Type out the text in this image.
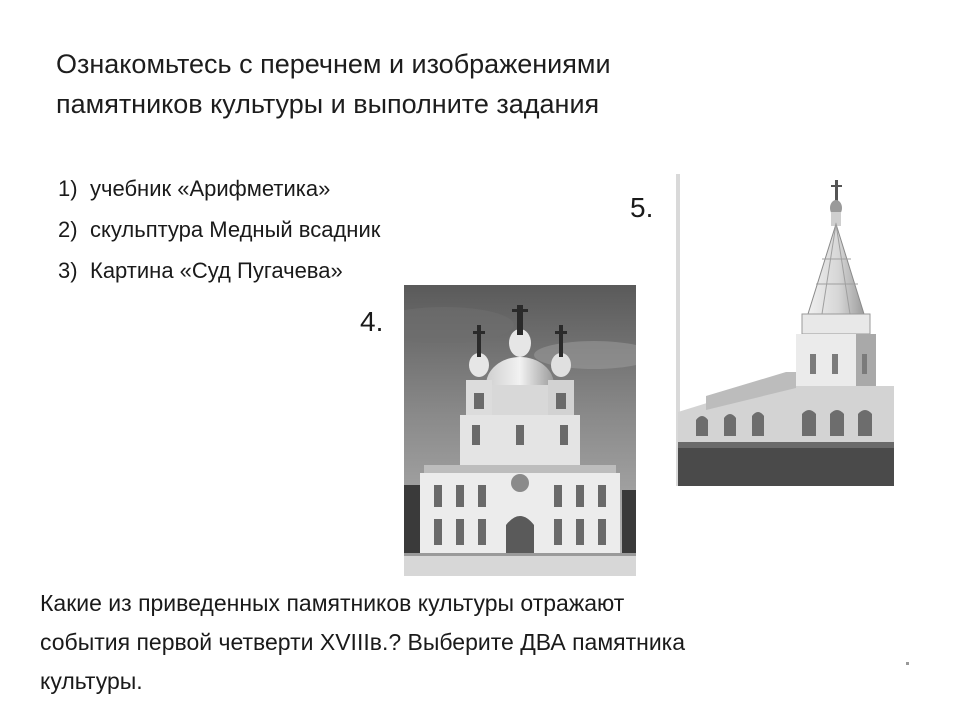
Ознакомьтесь с перечнем и изображениями
памятников культуры и выполните задания
1) учебник «Арифметика»
2) скульптура Медный всадник
3) Картина «Суд Пугачева»
5.
4.
Какие из приведенных памятников культуры отражают
события первой четверти XVIIIв.? Выберите ДВА памятника
культуры.
